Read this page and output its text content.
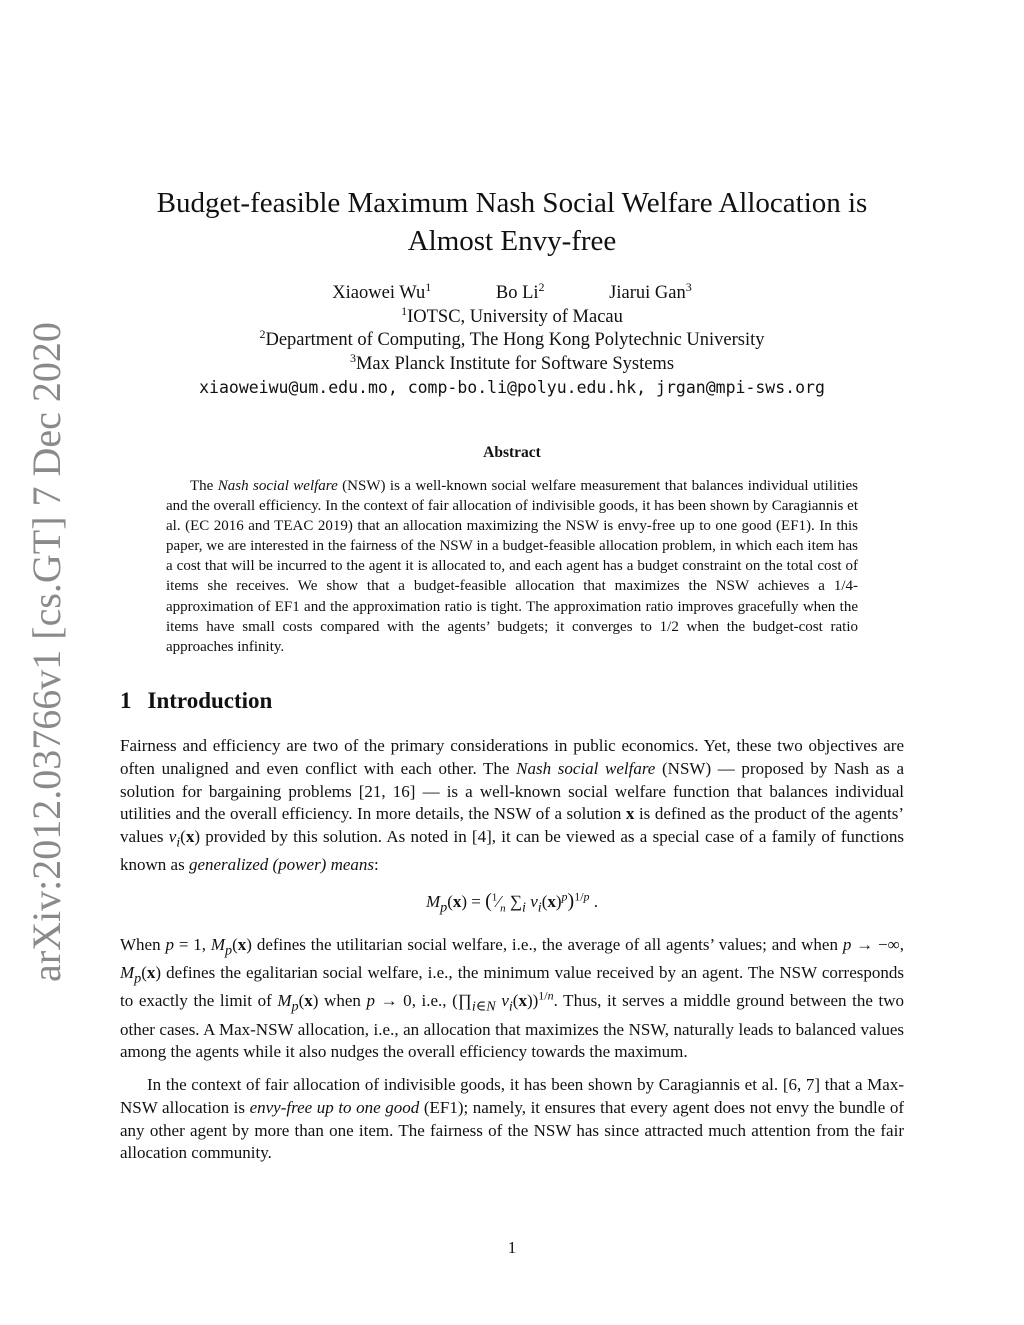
arXiv:2012.03766v1 [cs.GT] 7 Dec 2020
Budget-feasible Maximum Nash Social Welfare Allocation is Almost Envy-free
Xiaowei Wu$^1$	Bo Li$^2$	Jiarui Gan$^3$
$^1$IOTSC, University of Macau
$^2$Department of Computing, The Hong Kong Polytechnic University
$^3$Max Planck Institute for Software Systems
xiaoweiwu@um.edu.mo, comp-bo.li@polyu.edu.hk, jrgan@mpi-sws.org
Abstract
The Nash social welfare (NSW) is a well-known social welfare measurement that balances individual utilities and the overall efficiency. In the context of fair allocation of indivisible goods, it has been shown by Caragiannis et al. (EC 2016 and TEAC 2019) that an allocation maximizing the NSW is envy-free up to one good (EF1). In this paper, we are interested in the fairness of the NSW in a budget-feasible allocation problem, in which each item has a cost that will be incurred to the agent it is allocated to, and each agent has a budget constraint on the total cost of items she receives. We show that a budget-feasible allocation that maximizes the NSW achieves a 1/4-approximation of EF1 and the approximation ratio is tight. The approximation ratio improves gracefully when the items have small costs compared with the agents’ budgets; it converges to 1/2 when the budget-cost ratio approaches infinity.
1 Introduction
Fairness and efficiency are two of the primary considerations in public economics. Yet, these two objectives are often unaligned and even conflict with each other. The Nash social welfare (NSW) — proposed by Nash as a solution for bargaining problems [21, 16] — is a well-known social welfare function that balances individual utilities and the overall efficiency. In more details, the NSW of a solution x is defined as the product of the agents’ values $v_i(x)$ provided by this solution. As noted in [4], it can be viewed as a special case of a family of functions known as generalized (power) means:
$M_p(x)$ = ($^1⁄_n$ $\sum_i$ $v_i(x)^p)^{1/p}$ .
When p = 1, $M_p(x)$ defines the utilitarian social welfare, i.e., the average of all agents’ values; and when p → −∞, $M_p(x)$ defines the egalitarian social welfare, i.e., the minimum value received by an agent. The NSW corresponds to exactly the limit of $M_p(x)$ when p → 0, i.e., ($\prod_{i\in N}$ $v_i(x))^{1/n}$. Thus, it serves a middle ground between the two other cases. A Max-NSW allocation, i.e., an allocation that maximizes the NSW, naturally leads to balanced values among the agents while it also nudges the overall efficiency towards the maximum.
In the context of fair allocation of indivisible goods, it has been shown by Caragiannis et al. [6, 7] that a Max-NSW allocation is envy-free up to one good (EF1); namely, it ensures that every agent does not envy the bundle of any other agent by more than one item. The fairness of the NSW has since attracted much attention from the fair allocation community.
1
